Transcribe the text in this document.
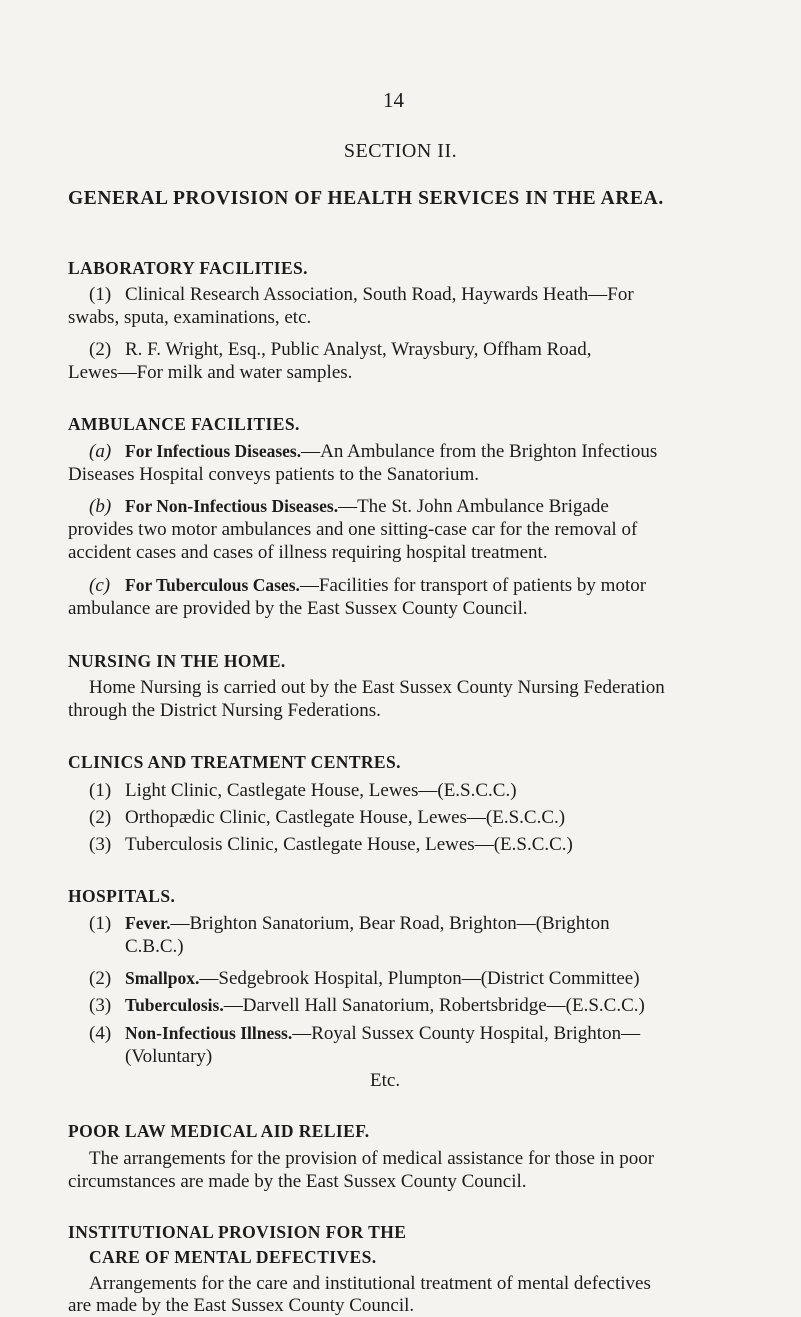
14
SECTION II.
GENERAL PROVISION OF HEALTH SERVICES IN THE AREA.
LABORATORY FACILITIES.
(1) Clinical Research Association, South Road, Haywards Heath—For
swabs, sputa, examinations, etc.
(2) R. F. Wright, Esq., Public Analyst, Wraysbury, Offham Road,
Lewes—For milk and water samples.
AMBULANCE FACILITIES.
(a) For Infectious Diseases.—An Ambulance from the Brighton Infectious
Diseases Hospital conveys patients to the Sanatorium.
(b) For Non-Infectious Diseases.—The St. John Ambulance Brigade
provides two motor ambulances and one sitting-case car for the removal of
accident cases and cases of illness requiring hospital treatment.
(c) For Tuberculous Cases.—Facilities for transport of patients by motor
ambulance are provided by the East Sussex County Council.
NURSING IN THE HOME.
Home Nursing is carried out by the East Sussex County Nursing Federation
through the District Nursing Federations.
CLINICS AND TREATMENT CENTRES.
(1) Light Clinic, Castlegate House, Lewes—(E.S.C.C.)
(2) Orthopædic Clinic, Castlegate House, Lewes—(E.S.C.C.)
(3) Tuberculosis Clinic, Castlegate House, Lewes—(E.S.C.C.)
HOSPITALS.
(1) Fever.—Brighton Sanatorium, Bear Road, Brighton—(Brighton
C.B.C.)
(2) Smallpox.—Sedgebrook Hospital, Plumpton—(District Committee)
(3) Tuberculosis.—Darvell Hall Sanatorium, Robertsbridge—(E.S.C.C.)
(4) Non-Infectious Illness.—Royal Sussex County Hospital, Brighton—
(Voluntary)
Etc.
POOR LAW MEDICAL AID RELIEF.
The arrangements for the provision of medical assistance for those in poor
circumstances are made by the East Sussex County Council.
INSTITUTIONAL PROVISION FOR THE
CARE OF MENTAL DEFECTIVES.
Arrangements for the care and institutional treatment of mental defectives
are made by the East Sussex County Council.
